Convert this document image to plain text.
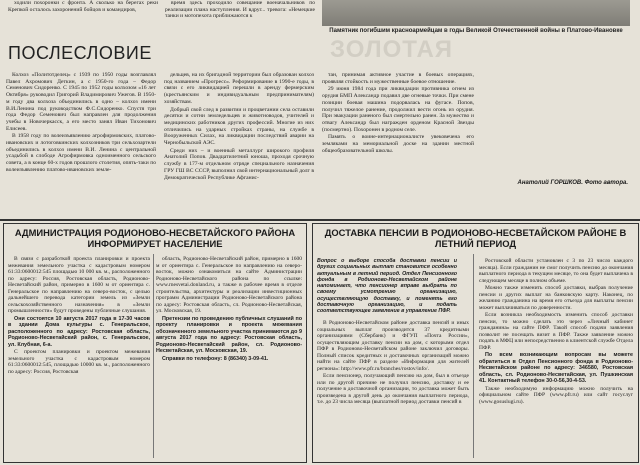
ходили похоронки с фронта. А сколько на берегах реки Крепкой осталось захоронений бойцов и командиров,

время здесь проходило совещание военачальников по реализации плана наступления. И вдруг... тревога: «Немецкие танки и мотопехота приближаются к

Памятник погибшим красноармейцам в годы Великой Отечественной войны в Платово-Ивановке
ЗОЛОТАЯ
ПОСЛЕСЛОВИЕ

Колхоз «Политотделец» с 1939 по 1950 годы возглавлял Павел Ахромович Деткин, а с 1950-го года – Федор Семенович Сидоренко. С 1945 по 1952 годы колхозом «16 лет Октября» руководил Григорий Владимирович Ужегов. В 1950-м году два колхоза объединились в одно – колхоз имени В.И.Ленина под руководством Ф.С.Сидоренко. Спустя три года Федор Семенович был направлен для продолжения учебы в Новочеркасск, а его место занял Иван Тихонович Елисеев.

В 1958 году по волеизъявлению агрофирмовских, платово-ивановских и лотоговкинских колхозников три сельхозартели объединились в колхоз имени В.И. Ленина с центральной усадьбой в слободе Агрофирмовка одноименного сельского совета, а в конце 60-х годов прошлого столетия, опять-таки по волеизъявлению платово-ивановских земле-

дельцев, на их бригадной территории был образован колхоз под названием «Прогресс». Реформирование в 1990-е годы, в связи с его ликвидацией перешли в аренду фермерским (крестьянским и индивидуальным предпринимателям) хозяйствам.

Добрый свой след в развитии и процветании села оставили десятки и сотни земледельцев и животноводов, учителей и медицинских работников других профессий. Многие из них отличились на ударных стройках страны, на службе в Вооруженных Силах, на ликвидации последствий аварии на Чернобыльской АЭС.

Среди них – и военный металлург широкого профиля Анатолий Попов. Двадцатилетний юноша, проходя срочную службу в 177-м отдельном отряде специального назначения ГРУ ГШ ВС СССР, выполнил свой интернациональный долг в Демократической Республике Афганис-

тан, принимая активное участие в боевых операциях, проявляя стойкость и мужественные боевое отношение.

29 июня 1984 года при ликвидации противника огнем из орудия БМП Александр подавил две огневые точки. При смене позиции боевая машина подорвалась на фугасе. Попов, получил тяжелое ранение, продолжил вести огонь из орудия. При эвакуации раненого был смертельно ранен. За мужество и отвагу Александр был награжден орденом Красной Звезды (посмертно). Похоронен в родном селе.

Память о воине-интернационалисте увековечена его земляками на мемориальной доске на здании местной общеобразовательной школы.

Анатолий ГОРШКОВ. Фото автора.
АДМИНИСТРАЦИЯ РОДИОНОВО-НЕСВЕТАЙСКОГО РАЙОНА ИНФОРМИРУЕТ НАСЕЛЕНИЕ

В связи с разработкой проекта планировки и проекта межевания земельного участка с кадастровым номером 61:33:0600012:545 площадью 10 000 кв. м., расположенного по адресу: Россия, Ростовская область, Родионово-Несветайский район, примерно в 1600 м от ориентира с. Генеральское по направлению на северо-восток, с целью дальнейшего перевода категории земель из «Земли сельскохозяйственного назначения» в «Земли промышленности» будут проведены публичные слушания.

Они состоятся 10 августа 2017 года в 17-30 часов в здании Дома культуры с. Генеральское, расположенного по адресу: Ростовская область, Родионово-Несветайский район, с. Генеральское, ул. Клубная, 6-а.

С проектом планировки и проектом межевания земельного участка с кадастровым номером 61:33:0600012:545, площадью 10000 кв. м., расположенного по адресу: Россия, Ростовская

область, Родионово-Несветайский район, примерно в 1600 м от ориентира с. Генеральское по направлению на северо-восток, можно ознакомиться на сайте Администрации Родионово-Несветайского района по ссылке: www.rnesvetai.donland.ru, а также в рабочее время в отделе строительства, архитектуры и реализации инвестиционных программ Администрации Родионово-Несветайского района по адресу: Ростовская область, сл. Родионово-Несветайская, ул. Московская, 19.

Претензии по проведению публичных слушаний по проекту планировки и проекта межевания обозначенного земельного участка принимаются до 9 августа 2017 года по адресу: Ростовская область, Родионово-Несветайский район, сл. Родионово-Несветайская, ул. Московская, 19.

Справки по телефону: 8 (86340) 3-09-41.

ДОСТАВКА ПЕНСИИ В РОДИОНОВО-НЕСВЕТАЙСКОМ РАЙОНЕ В ЛЕТНИЙ ПЕРИОД
Вопрос о выборе способа доставки пенсии и других социальных выплат становится особенно актуальным в летний период. Отдел Пенсионного фонда в Родионово-Несветайском районе напоминает, что пенсионер вправе выбрать по своему усмотрению организацию, осуществляющую доставку, и поменять его доставочную организацию, и подать соответствующее заявление в управление ПФР.

В Родионово-Несветайском районе доставка пенсий и иных социальных выплат производится 37 кредитными организациями (Сбербанк) и ФГУП «Почта России», осуществляющим доставку пенсии на дом, с которыми отдел ПФР в Родионово-Несветайском районе заключил договоры. Полный список кредитных и доставочных организаций можно найти на сайте ПФР в разделе «Информация для жителей региона»: http://www.pfr.ru/branches/rostov/info/.

Если пенсионер, получающий пенсию на дом, был в отъезде или по другой причине не получил пенсию, доставку и ее получение в доставочной организации, то доставка может быть произведена в другой день до окончания выплатного периода, т.е. до 23 числа месяца (выплатной период доставки пенсий в

Ростовской области установлен с 3 по 23 число каждого месяца). Если гражданин не смог получить пенсию до окончания выплатного периода в текущем месяце, то она будет выплачена в следующем месяце в полном объеме.

Можно также изменить способ доставки, выбрав получение пенсии и других выплат на банковскую карту. Наконец, по желанию гражданина на время его отъезда для выплаты пенсии может выплачиваться по доверенности.

Если возникла необходимость изменить способ доставки пенсии, то можно сделать это через «Личный кабинет гражданина» на сайте ПФР. Такой способ подачи заявления позволит не посещать визит в ПФР. Также заявление можно подать в МФЦ или непосредственно в клиентской службе Отдела ПФР.

По всем возникающим вопросам вы можете обратиться в Отдел Пенсионного фонда в Родионово-Несветайском районе по адресу: 346580, Ростовская область, сл. Родионово-Несветайская, ул. Пушкинская 41. Контактный телефон 30-0-56,30-4-53.

Также необходимую информацию можно получить на официальном сайте ПФР (www.pfr.ru) или сайт госуслуг (www.gosuslugi.ru).
